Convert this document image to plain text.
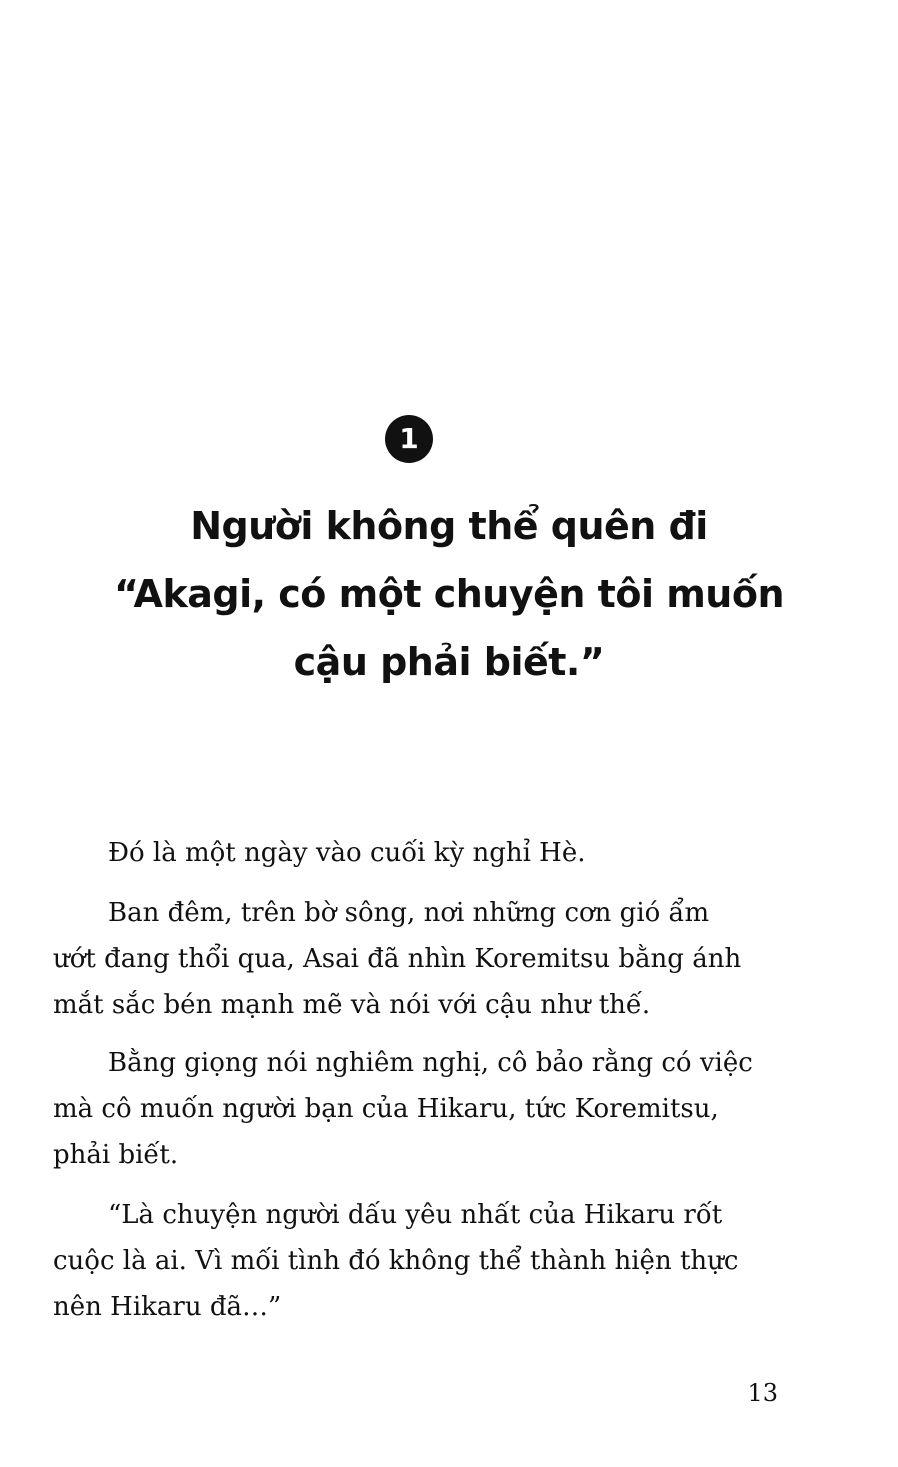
1
Người không thể quên đi
“Akagi, có một chuyện tôi muốn
cậu phải biết.”
Đó là một ngày vào cuối kỳ nghỉ Hè.
Ban đêm, trên bờ sông, nơi những cơn gió ẩm
ướt đang thổi qua, Asai đã nhìn Koremitsu bằng ánh
mắt sắc bén mạnh mẽ và nói với cậu như thế.
Bằng giọng nói nghiêm nghị, cô bảo rằng có việc
mà cô muốn người bạn của Hikaru, tức Koremitsu,
phải biết.
“Là chuyện người dấu yêu nhất của Hikaru rốt
cuộc là ai. Vì mối tình đó không thể thành hiện thực
nên Hikaru đã…”
13
